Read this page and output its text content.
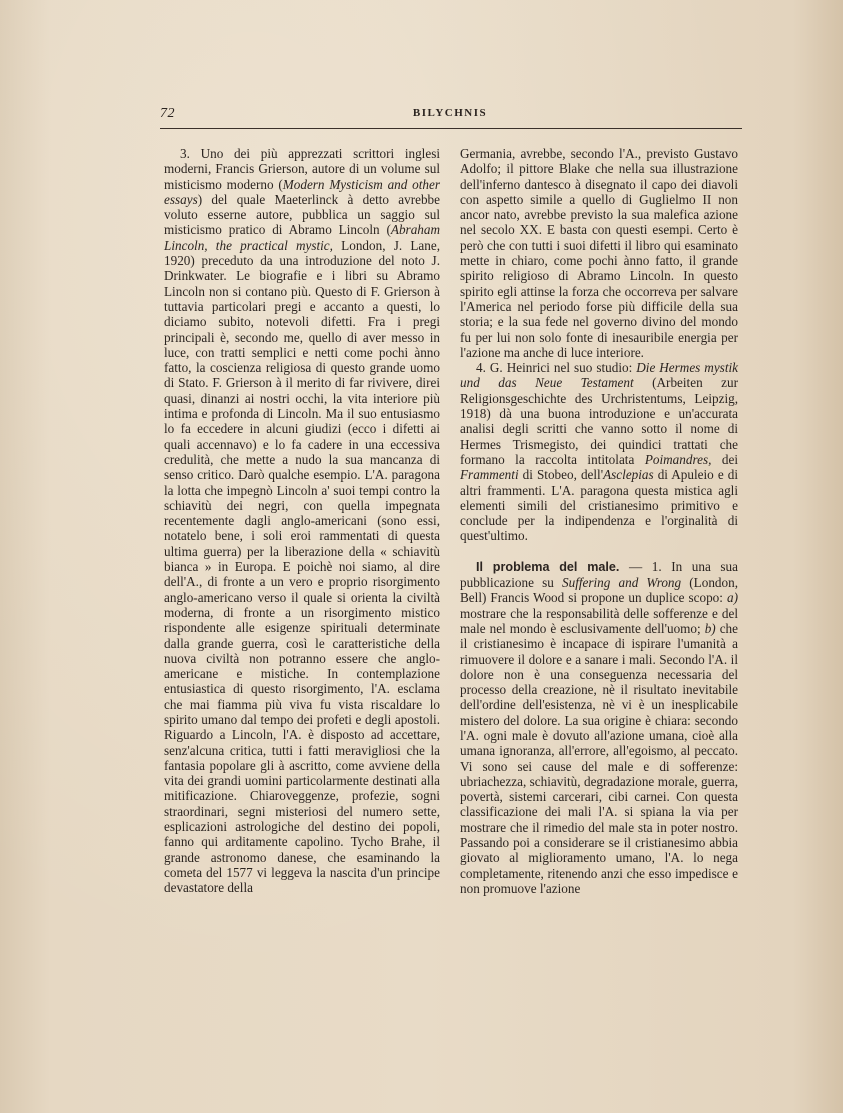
72	BILYCHNIS

3. Uno dei più apprezzati scrittori inglesi moderni, Francis Grierson, autore di un volume sul misticismo moderno (Modern Mysticism and other essays) del quale Maeterlinck à detto avrebbe voluto esserne autore, pubblica un saggio sul misticismo pratico di Abramo Lincoln (Abraham Lincoln, the practical mystic, London, J. Lane, 1920) preceduto da una introduzione del noto J. Drinkwater. Le biografie e i libri su Abramo Lincoln non si contano più. Questo di F. Grierson à tuttavia particolari pregi e accanto a questi, lo diciamo subito, notevoli difetti. Fra i pregi principali è, secondo me, quello di aver messo in luce, con tratti semplici e netti come pochi ànno fatto, la coscienza religiosa di questo grande uomo di Stato. F. Grierson à il merito di far rivivere, direi quasi, dinanzi ai nostri occhi, la vita interiore più intima e profonda di Lincoln. Ma il suo entusiasmo lo fa eccedere in alcuni giudizi (ecco i difetti ai quali accennavo) e lo fa cadere in una eccessiva credulità, che mette a nudo la sua mancanza di senso critico. Darò qualche esempio. L'A. paragona la lotta che impegnò Lincoln a' suoi tempi contro la schiavitù dei negri, con quella impegnata recentemente dagli anglo-americani (sono essi, notatelo bene, i soli eroi rammentati di questa ultima guerra) per la liberazione della « schiavitù bianca » in Europa. E poichè noi siamo, al dire dell'A., di fronte a un vero e proprio risorgimento anglo-americano verso il quale si orienta la civiltà moderna, di fronte a un risorgimento mistico rispondente alle esigenze spirituali determinate dalla grande guerra, così le caratteristiche della nuova civiltà non potranno essere che anglo-americane e mistiche. In contemplazione entusiastica di questo risorgimento, l'A. esclama che mai fiamma più viva fu vista riscaldare lo spirito umano dal tempo dei profeti e degli apostoli. Riguardo a Lincoln, l'A. è disposto ad accettare, senz'alcuna critica, tutti i fatti meravigliosi che la fantasia popolare gli à ascritto, come avviene della vita dei grandi uomini particolarmente destinati alla mitificazione. Chiaroveggenze, profezie, sogni straordinari, segni misteriosi del numero sette, esplicazioni astrologiche del destino dei popoli, fanno qui arditamente capolino. Tycho Brahe, il grande astronomo danese, che esaminando la cometa del 1577 vi leggeva la nascita d'un principe devastatore della

Germania, avrebbe, secondo l'A., previsto Gustavo Adolfo; il pittore Blake che nella sua illustrazione dell'inferno dantesco à disegnato il capo dei diavoli con aspetto simile a quello di Guglielmo II non ancor nato, avrebbe previsto la sua malefica azione nel secolo XX. E basta con questi esempi. Certo è però che con tutti i suoi difetti il libro qui esaminato mette in chiaro, come pochi ànno fatto, il grande spirito religioso di Abramo Lincoln. In questo spirito egli attinse la forza che occorreva per salvare l'America nel periodo forse più difficile della sua storia; e la sua fede nel governo divino del mondo fu per lui non solo fonte di inesauribile energia per l'azione ma anche di luce interiore.

4. G. Heinrici nel suo studio: Die Hermes mystik und das Neue Testament (Arbeiten zur Religionsgeschichte des Urchristentums, Leipzig, 1918) dà una buona introduzione e un'accurata analisi degli scritti che vanno sotto il nome di Hermes Trismegisto, dei quindici trattati che formano la raccolta intitolata Poimandres, dei Frammenti di Stobeo, dell'Asclepias di Apuleio e di altri frammenti. L'A. paragona questa mistica agli elementi simili del cristianesimo primitivo e conclude per la indipendenza e l'orginalità di quest'ultimo.

Il problema del male. — 1. In una sua pubblicazione su Suffering and Wrong (London, Bell) Francis Wood si propone un duplice scopo: a) mostrare che la responsabilità delle sofferenze e del male nel mondo è esclusivamente dell'uomo; b) che il cristianesimo è incapace di ispirare l'umanità a rimuovere il dolore e a sanare i mali. Secondo l'A. il dolore non è una conseguenza necessaria del processo della creazione, nè il risultato inevitabile dell'ordine dell'esistenza, nè vi è un inesplicabile mistero del dolore. La sua origine è chiara: secondo l'A. ogni male è dovuto all'azione umana, cioè alla umana ignoranza, all'errore, all'egoismo, al peccato. Vi sono sei cause del male e di sofferenze: ubriachezza, schiavitù, degradazione morale, guerra, povertà, sistemi carcerari, cibi carnei. Con questa classificazione dei mali l'A. si spiana la via per mostrare che il rimedio del male sta in poter nostro. Passando poi a considerare se il cristianesimo abbia giovato al miglioramento umano, l'A. lo nega completamente, ritenendo anzi che esso impedisce e non promuove l'azione
